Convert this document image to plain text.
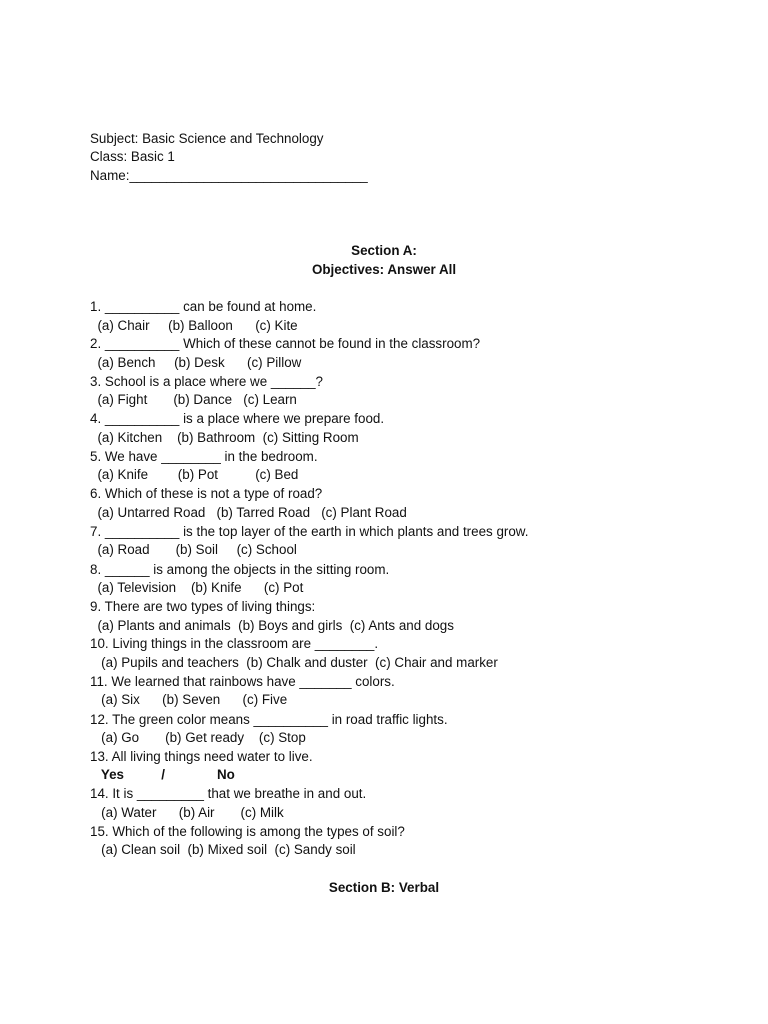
Subject: Basic Science and Technology
Class: Basic 1
Name:________________________________
Section A:
Objectives: Answer All
1. __________ can be found at home.
(a) Chair     (b) Balloon      (c) Kite
2. __________ Which of these cannot be found in the classroom?
(a) Bench     (b) Desk      (c) Pillow
3. School is a place where we ______?
(a) Fight       (b) Dance   (c) Learn
4. __________ is a place where we prepare food.
(a) Kitchen    (b) Bathroom  (c) Sitting Room
5. We have ________ in the bedroom.
(a) Knife        (b) Pot          (c) Bed
6. Which of these is not a type of road?
(a) Untarred Road   (b) Tarred Road   (c) Plant Road
7. __________ is the top layer of the earth in which plants and trees grow.
(a) Road       (b) Soil     (c) School
8. ______ is among the objects in the sitting room.
(a) Television    (b) Knife      (c) Pot
9. There are two types of living things:
(a) Plants and animals  (b) Boys and girls  (c) Ants and dogs
10. Living things in the classroom are ________.
(a) Pupils and teachers  (b) Chalk and duster  (c) Chair and marker
11. We learned that rainbows have _______ colors.
(a) Six      (b) Seven      (c) Five
12. The green color means __________ in road traffic lights.
(a) Go       (b) Get ready    (c) Stop
13. All living things need water to live.
Yes          /              No
14. It is _________ that we breathe in and out.
(a) Water      (b) Air       (c) Milk
15. Which of the following is among the types of soil?
(a) Clean soil  (b) Mixed soil  (c) Sandy soil
Section B: Verbal
